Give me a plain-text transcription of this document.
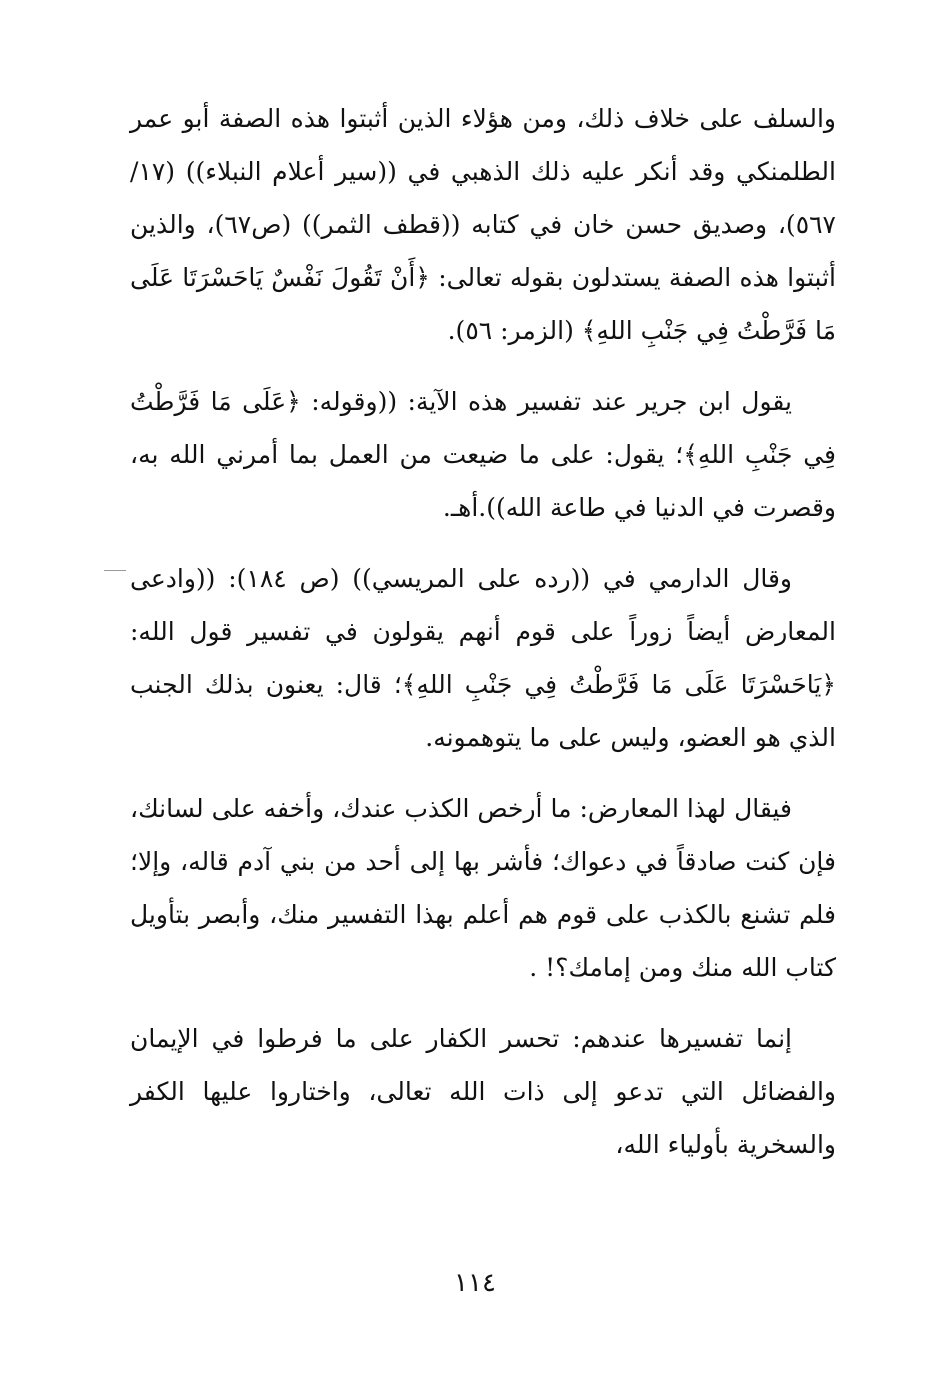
والسلف على خلاف ذلك، ومن هؤلاء الذين أثبتوا هذه الصفة أبو عمر الطلمنكي وقد أنكر عليه ذلك الذهبي في ((سير أعلام النبلاء)) (١٧/ ٥٦٧)، وصديق حسن خان في كتابه ((قطف الثمر)) (ص٦٧)، والذين أثبتوا هذه الصفة يستدلون بقوله تعالى: ﴿أَنْ تَقُولَ نَفْسٌ يَاحَسْرَتَا عَلَى مَا فَرَّطْتُ فِي جَنْبِ اللهِ﴾ (الزمر: ٥٦).

يقول ابن جرير عند تفسير هذه الآية: ((وقوله: ﴿عَلَى مَا فَرَّطْتُ فِي جَنْبِ اللهِ﴾؛ يقول: على ما ضيعت من العمل بما أمرني الله به، وقصرت في الدنيا في طاعة الله)).أهـ.

وقال الدارمي في ((رده على المريسي)) (ص ١٨٤): ((وادعى المعارض أيضاً زوراً على قوم أنهم يقولون في تفسير قول الله: ﴿يَاحَسْرَتَا عَلَى مَا فَرَّطْتُ فِي جَنْبِ اللهِ﴾؛ قال: يعنون بذلك الجنب الذي هو العضو، وليس على ما يتوهمونه.

فيقال لهذا المعارض: ما أرخص الكذب عندك، وأخفه على لسانك، فإن كنت صادقاً في دعواك؛ فأشر بها إلى أحد من بني آدم قاله، وإلا؛ فلم تشنع بالكذب على قوم هم أعلم بهذا التفسير منك، وأبصر بتأويل كتاب الله منك ومن إمامك؟! .

إنما تفسيرها عندهم: تحسر الكفار على ما فرطوا في الإيمان والفضائل التي تدعو إلى ذات الله تعالى، واختاروا عليها الكفر والسخرية بأولياء الله،

١١٤
